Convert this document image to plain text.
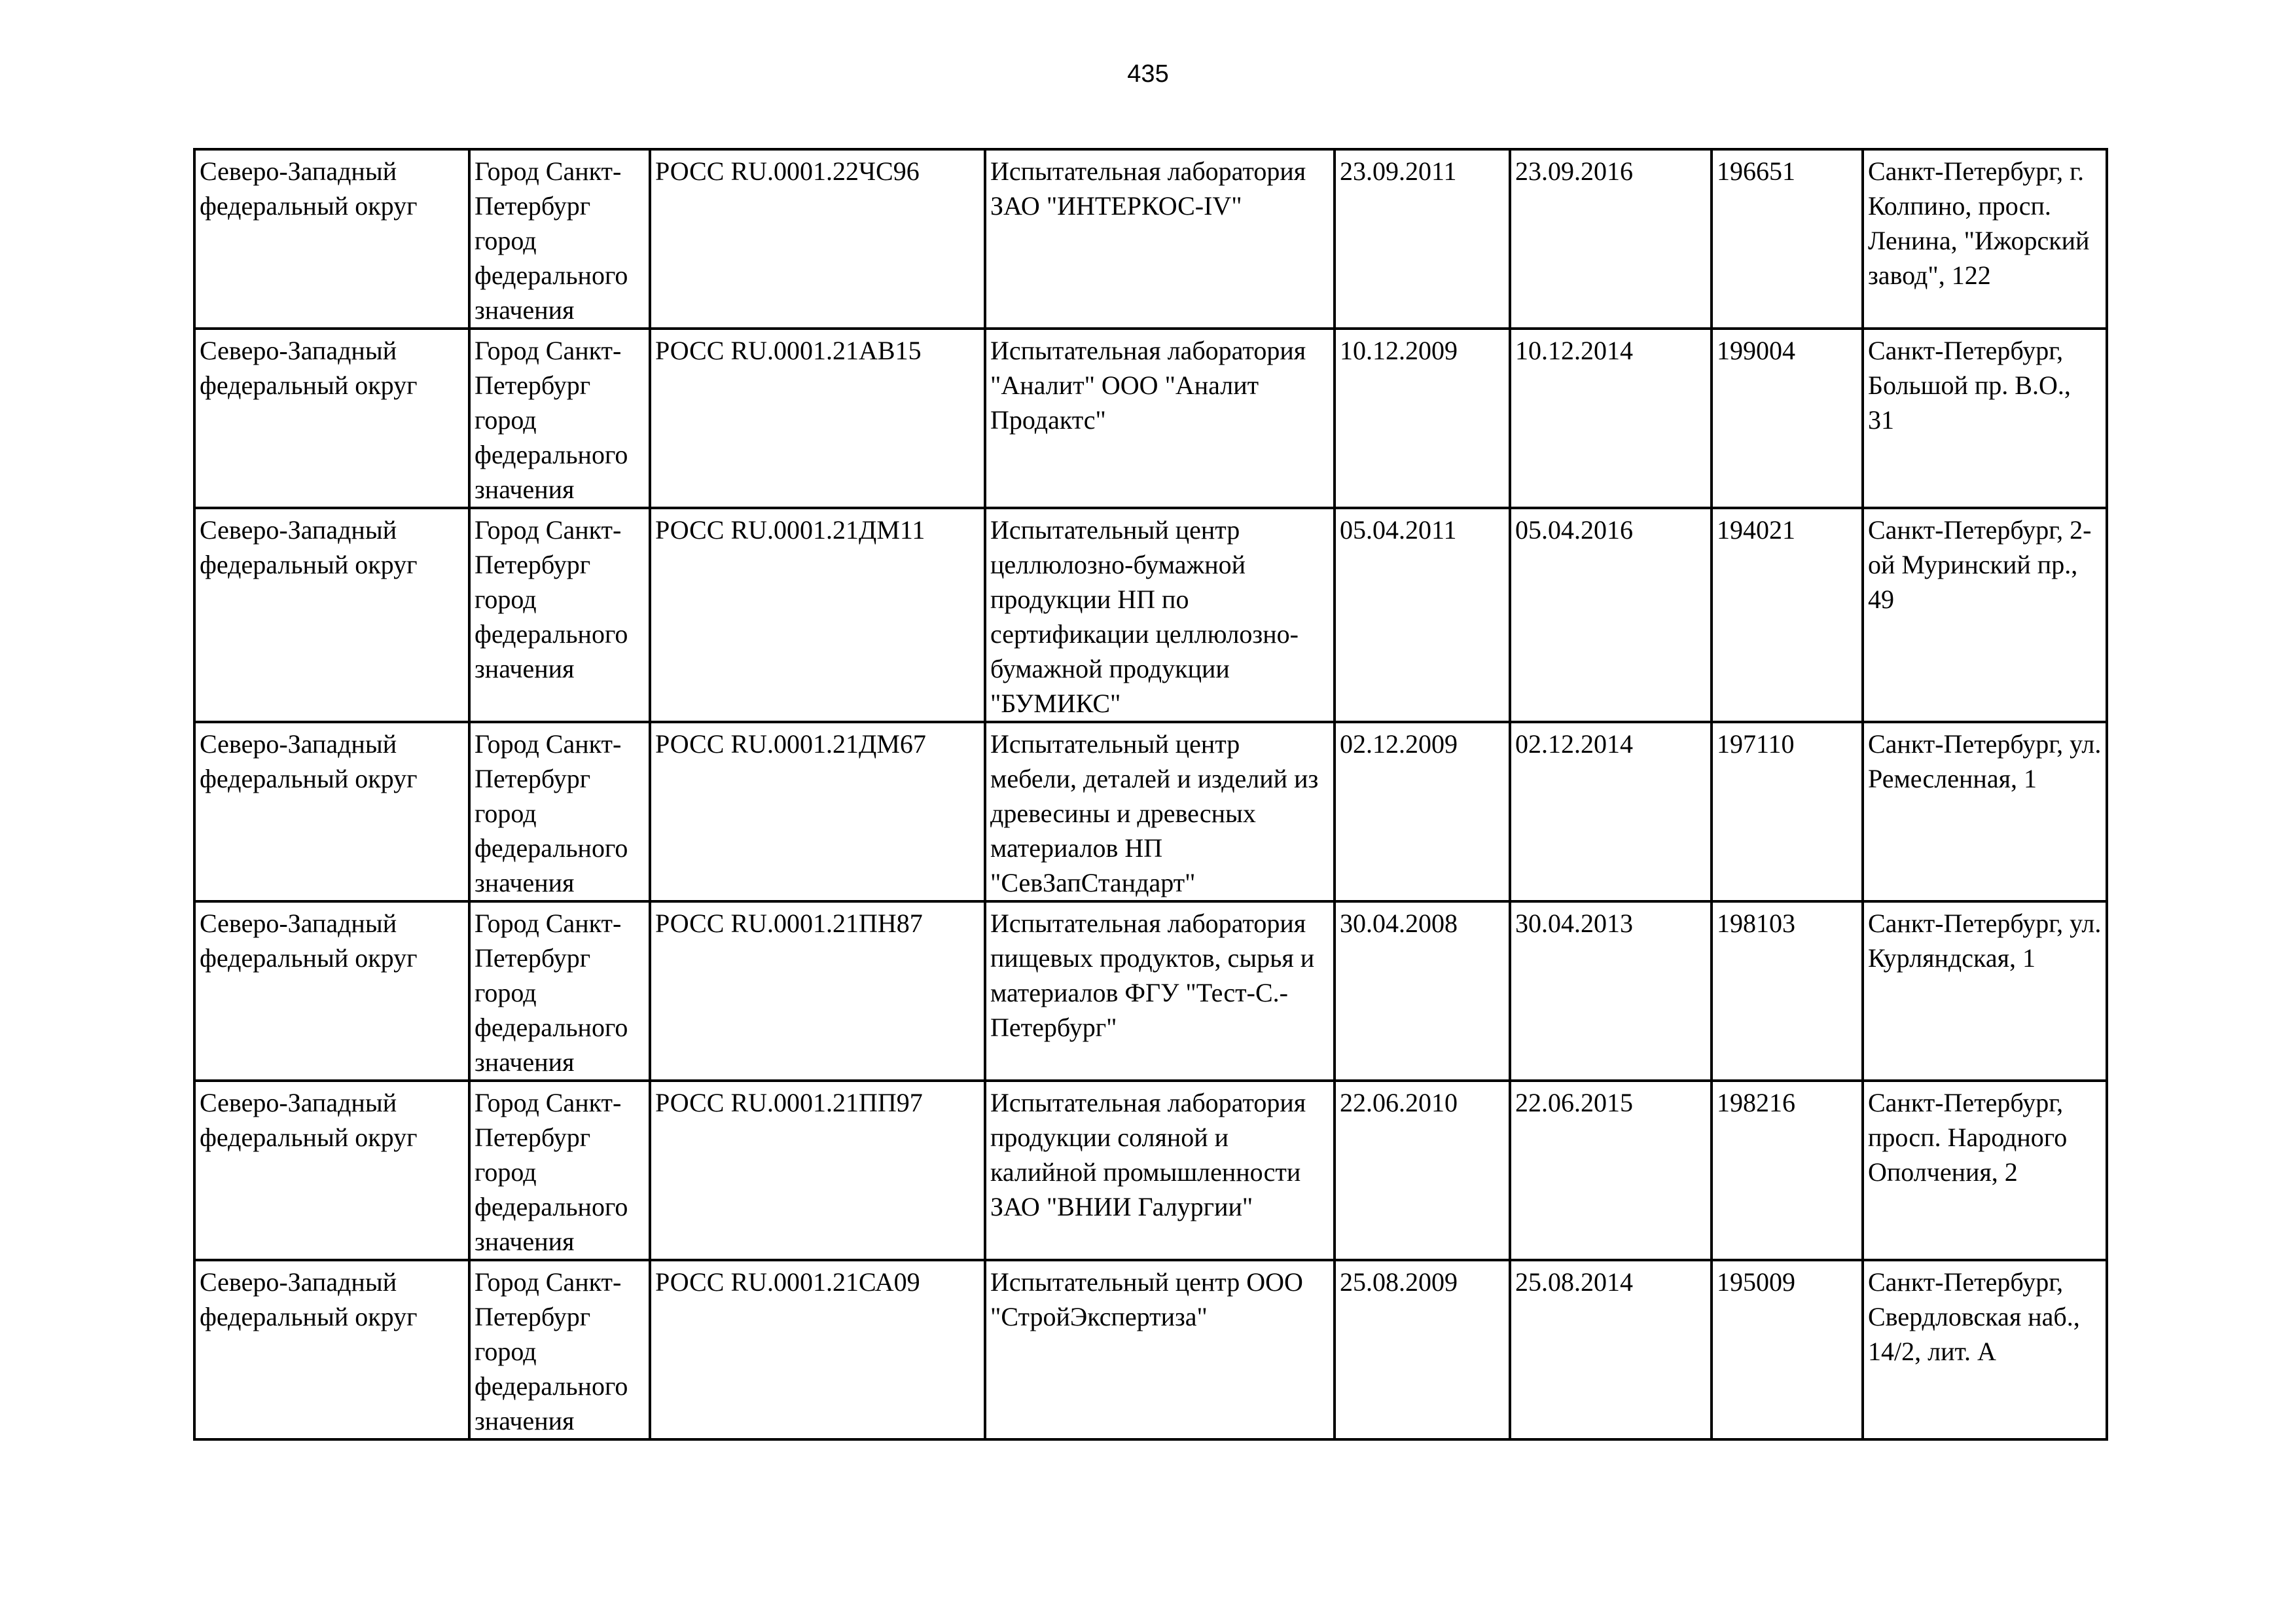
435
Северо-Западный федеральный округ	Город Санкт-Петербург город федерального значения	РОСС RU.0001.22ЧС96	Испытательная лаборатория ЗАО "ИНТЕРКОС-IV"	23.09.2011	23.09.2016	196651	Санкт-Петербург, г. Колпино, просп. Ленина, "Ижорский завод", 122
Северо-Западный федеральный округ	Город Санкт-Петербург город федерального значения	РОСС RU.0001.21АВ15	Испытательная лаборатория "Аналит" ООО "Аналит Продактс"	10.12.2009	10.12.2014	199004	Санкт-Петербург, Большой пр. В.О., 31
Северо-Западный федеральный округ	Город Санкт-Петербург город федерального значения	РОСС RU.0001.21ДМ11	Испытательный центр целлюлозно-бумажной продукции НП по сертификации целлюлозно-бумажной продукции "БУМИКС"	05.04.2011	05.04.2016	194021	Санкт-Петербург, 2-ой Муринский пр., 49
Северо-Западный федеральный округ	Город Санкт-Петербург город федерального значения	РОСС RU.0001.21ДМ67	Испытательный центр мебели, деталей и изделий из древесины и древесных материалов НП "СевЗапСтандарт"	02.12.2009	02.12.2014	197110	Санкт-Петербург, ул. Ремесленная, 1
Северо-Западный федеральный округ	Город Санкт-Петербург город федерального значения	РОСС RU.0001.21ПН87	Испытательная лаборатория пищевых продуктов, сырья и материалов ФГУ "Тест-С.-Петербург"	30.04.2008	30.04.2013	198103	Санкт-Петербург, ул. Курляндская, 1
Северо-Западный федеральный округ	Город Санкт-Петербург город федерального значения	РОСС RU.0001.21ПП97	Испытательная лаборатория продукции соляной и калийной промышленности ЗАО "ВНИИ Галургии"	22.06.2010	22.06.2015	198216	Санкт-Петербург, просп. Народного Ополчения, 2
Северо-Западный федеральный округ	Город Санкт-Петербург город федерального значения	РОСС RU.0001.21СА09	Испытательный центр ООО "СтройЭкспертиза"	25.08.2009	25.08.2014	195009	Санкт-Петербург, Свердловская наб., 14/2, лит. А
